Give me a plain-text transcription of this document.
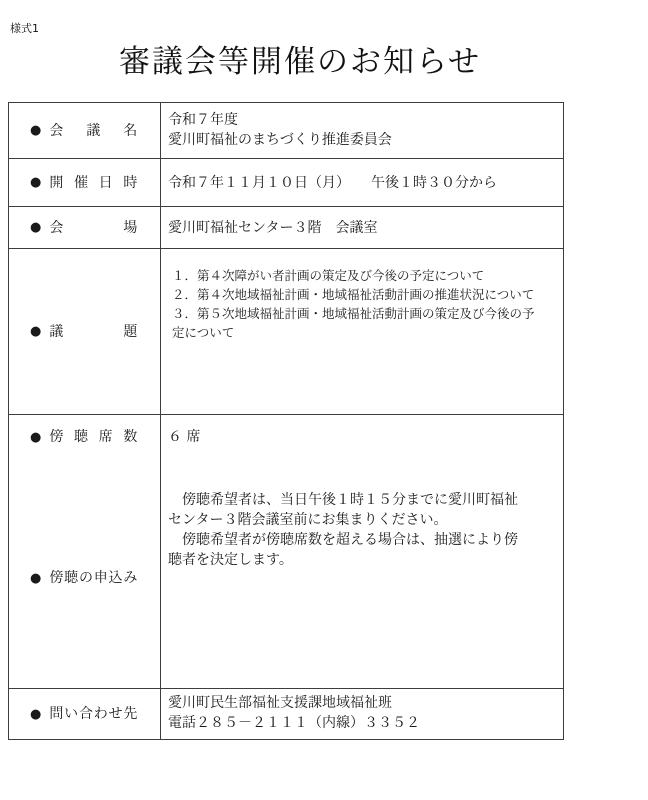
様式1
審議会等開催のお知らせ
● 会議名
令和７年度
愛川町福祉のまちづくり推進委員会
● 開催日時 令和７年１１月１０日（月）　　午後１時３０分から
● 会場 愛川町福祉センター３階　会議室
● 議題
１．第４次障がい者計画の策定及び今後の予定について
２．第４次地域福祉計画・地域福祉活動計画の推進状況について
３．第５次地域福祉計画・地域福祉活動計画の策定及び今後の予
定について
● 傍聴席数
● 傍聴の申込み
６ 席
　傍聴希望者は、当日午後１時１５分までに愛川町福祉
センター３階会議室前にお集まりください。
　傍聴希望者が傍聴席数を超える場合は、抽選により傍
聴者を決定します。
● 問い合わせ先
愛川町民生部福祉支援課地域福祉班
電話２８５－２１１１（内線）３３５２
